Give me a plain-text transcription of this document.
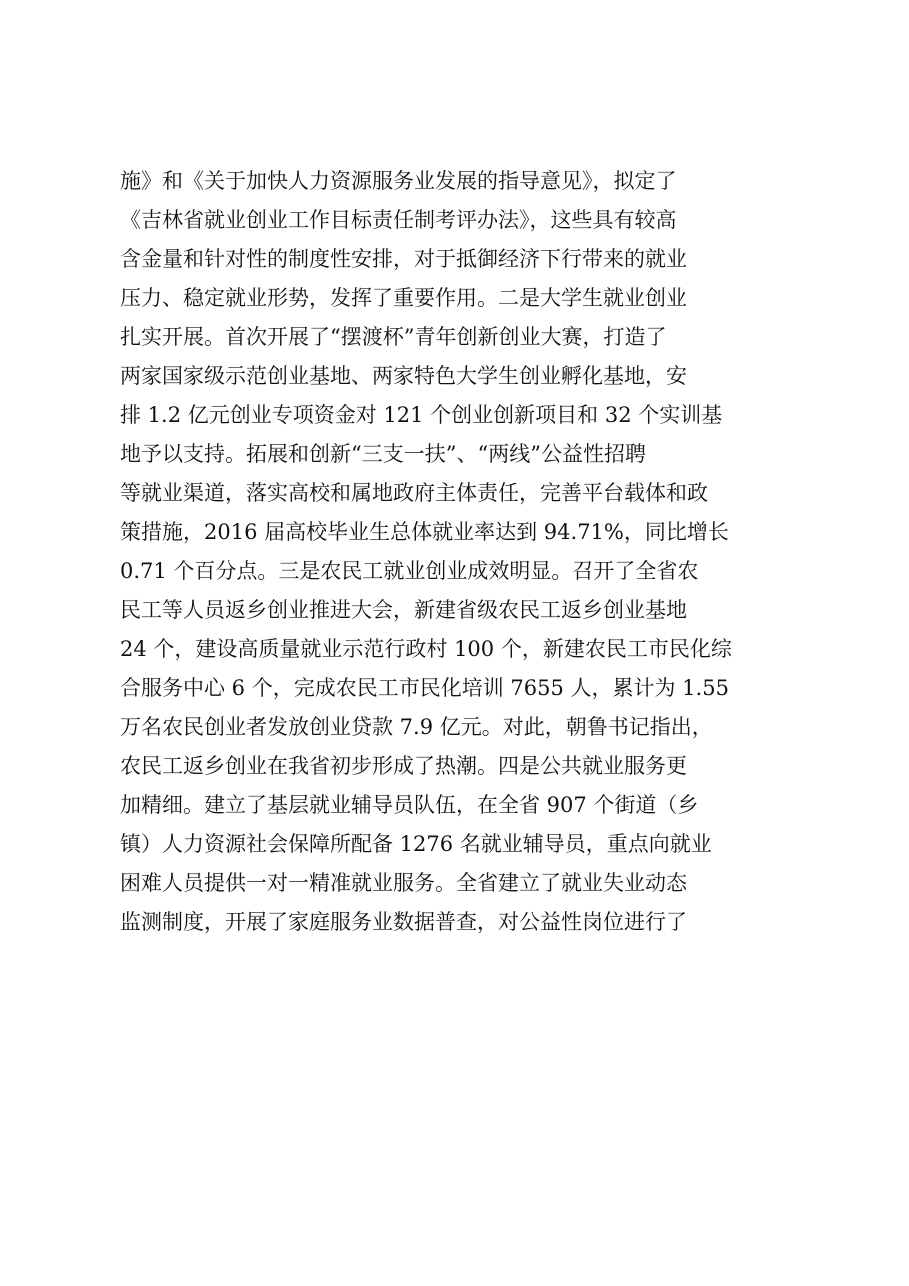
施》和《关于加快人力资源服务业发展的指导意见》，拟定了
《吉林省就业创业工作目标责任制考评办法》，这些具有较高
含金量和针对性的制度性安排，对于抵御经济下行带来的就业
压力、稳定就业形势，发挥了重要作用。二是大学生就业创业
扎实开展。首次开展了“摆渡杯”青年创新创业大赛，打造了
两家国家级示范创业基地、两家特色大学生创业孵化基地，安
排 1.2 亿元创业专项资金对 121 个创业创新项目和 32 个实训基
地予以支持。拓展和创新“三支一扶”、“两线”公益性招聘
等就业渠道，落实高校和属地政府主体责任，完善平台载体和政
策措施，2016 届高校毕业生总体就业率达到 94.71%，同比增长
0.71 个百分点。三是农民工就业创业成效明显。召开了全省农
民工等人员返乡创业推进大会，新建省级农民工返乡创业基地
24 个，建设高质量就业示范行政村 100 个，新建农民工市民化综
合服务中心 6 个，完成农民工市民化培训 7655 人，累计为 1.55
万名农民创业者发放创业贷款 7.9 亿元。对此，朝鲁书记指出，
农民工返乡创业在我省初步形成了热潮。四是公共就业服务更
加精细。建立了基层就业辅导员队伍，在全省 907 个街道（乡
镇）人力资源社会保障所配备 1276 名就业辅导员，重点向就业
困难人员提供一对一精准就业服务。全省建立了就业失业动态
监测制度，开展了家庭服务业数据普查，对公益性岗位进行了
